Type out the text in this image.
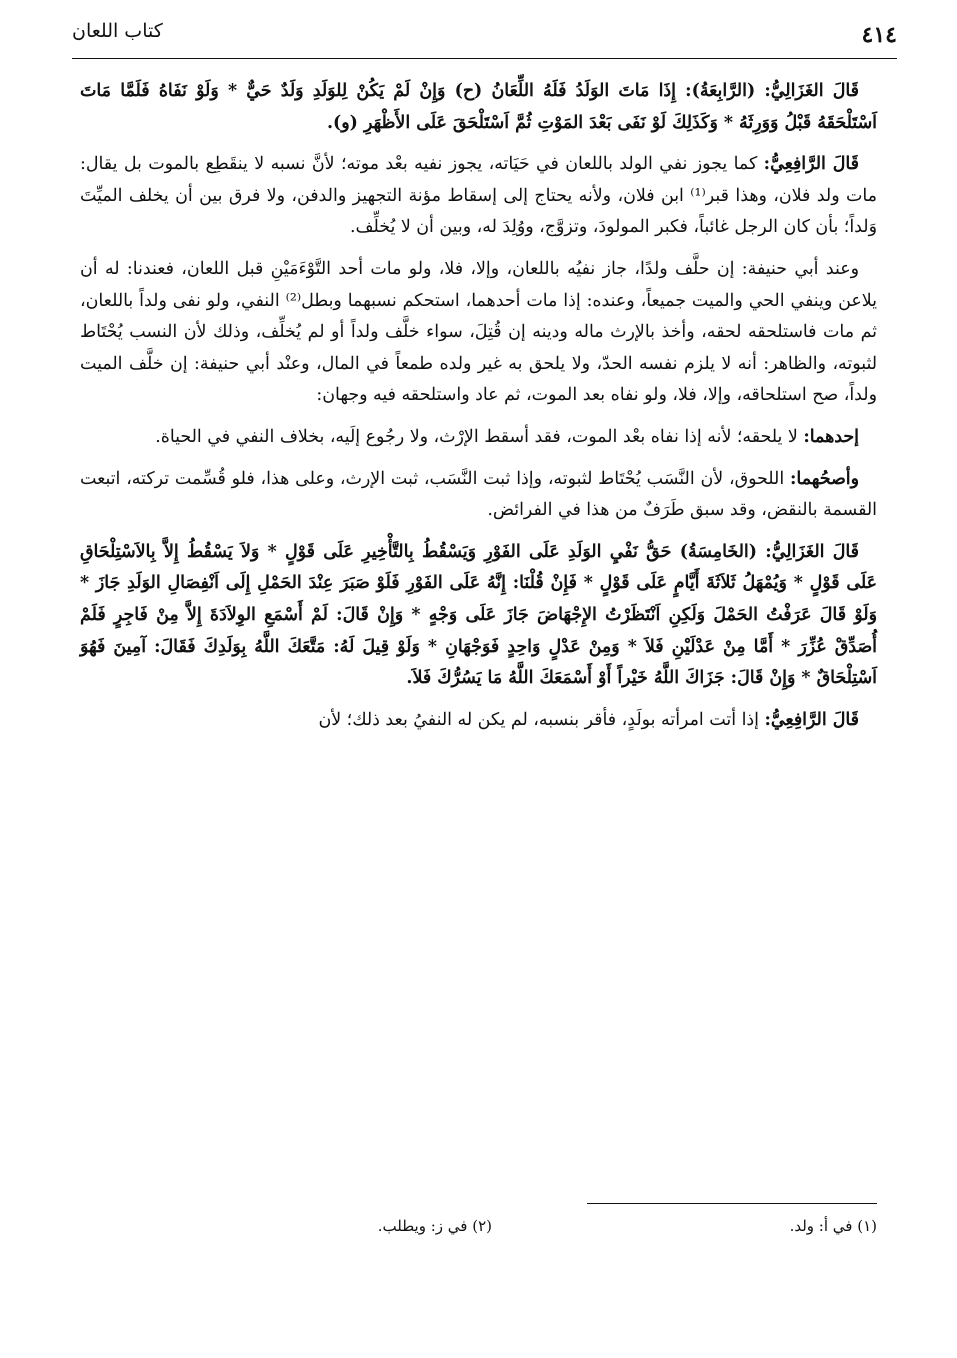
٤١٤
كتاب اللعان

قَالَ الغَزَالِيُّ: (الرَّابِعَةُ): إِذَا مَاتَ الوَلَدُ فَلَهُ اللِّعَانُ (ح) وَإِنْ لَمْ يَكُنْ لِلوَلَدِ وَلَدٌ حَيٌّ * وَلَوْ نَفَاهُ فَلَمَّا مَاتَ اَسْتَلْحَقَهُ قَبْلُ وَوَرِثَهُ * وَكَذَلِكَ لَوْ نَفَى بَعْدَ المَوْتِ ثُمَّ اَسْتَلْحَقَ عَلَى الأَظْهَرِ (و).

قَالَ الرَّافِعِيُّ: كما يجوز نفي الولد باللعان في حَيَاته، يجوز نفيه بعْد موته؛ لأنَّ نسبه لا ينقَطِع بالموت بل يقال: مات ولد فلان، وهذا قبر⁽¹⁾ ابن فلان، ولأنه يحتاج إلى إسقاط مؤنة التجهيز والدفن، ولا فرق بين أن يخلف الميِّتَ وَلداً؛ بأن كان الرجل غائباً، فكبر المولودَ، وتزوَّج، ووُلِدَ له، وبين أن لا يُخلِّف.

وعند أبي حنيفة: إن حلَّف ولدًا، جاز نفيُه باللعان، وإلا، فلا، ولو مات أحد التَّوْءَمَيْنِ قبل اللعان، فعندنا: له أن يلاعن وينفي الحي والميت جميعاً، وعنده: إذا مات أحدهما، استحكم نسبهما وبطل⁽²⁾ النفي، ولو نفى ولداً باللعان، ثم مات فاستلحقه لحقه، وأخذ بالإرث ماله ودينه إن قُتِلَ، سواء خلَّف ولداً أو لم يُخلِّف، وذلك لأن النسب يُحْتَاط لثبوته، والظاهر: أنه لا يلزم نفسه الحدّ، ولا يلحق به غير ولده طمعاً في المال، وعنْد أبي حنيفة: إن خلَّف الميت ولداً، صح استلحاقه، وإلا، فلا، ولو نفاه بعد الموت، ثم عاد واستلحقه فيه وجهان:

إحدهما: لا يلحقه؛ لأنه إذا نفاه بعْد الموت، فقد أسقط الإرْث، ولا رجُوع إلَيه، بخلاف النفي في الحياة.

وأصحُهما: اللحوق، لأن النَّسَب يُحْتَاط لثبوته، وإذا ثبت النَّسَب، ثبت الإرث، وعلى هذا، فلو قُسِّمت تركته، اتبعت القسمة بالنقض، وقد سبق طَرَفٌ من هذا في الفرائض.

قَالَ الغَزَالِيُّ: (الخَامِسَةُ) حَقُّ نَفْيِ الوَلَدِ عَلَى الفَوْرِ وَيَسْقُطُ بِالتَّأْخِيرِ عَلَى قَوْلٍ * وَلاَ يَسْقُطُ إِلاَّ بِالاَسْتِلْحَاقِ عَلَى قَوْلٍ * وَيُمْهَلُ ثَلاَثَةَ أَيَّامٍ عَلَى قَوْلٍ * فَإِنْ قُلْنَا: إِنَّهُ عَلَى الفَوْرِ فَلَوْ صَبَرَ عِنْدَ الحَمْلِ إِلَى اَنْفِصَالِ الوَلَدِ جَازَ * وَلَوْ قَالَ عَرَفْتُ الحَمْلَ وَلَكِنِ اَنْتَظَرْتُ الإِجْهَاضَ جَازَ عَلَى وَجْهٍ * وَإِنْ قَالَ: لَمْ أَسْمَعِ الوِلاَدَةَ إِلاَّ مِنْ فَاجِرٍ فَلَمْ أُصَدِّقْ عُزِّرَ * أَمَّا مِنْ عَدْلَيْنِ فَلاَ * وَمِنْ عَدْلٍ وَاحِدٍ فَوَجْهَانِ * وَلَوْ قِيلَ لَهُ: مَتَّعَكَ اللَّهُ بِوَلَدِكَ فَقَالَ: آمِينَ فَهُوَ اَسْتِلْحَاقٌ * وَإِنْ قَالَ: جَزَاكَ اللَّهُ خَيْراً أَوْ أَسْمَعَكَ اللَّهُ مَا يَسُرُّكَ فَلاَ.

قَالَ الرَّافِعِيُّ: إذا أتت امرأته بولَدٍ، فأقر بنسبه، لم يكن له النفيُ بعد ذلك؛ لأن

(١) في أ: ولد.
(٢) في ز: ويطلب.
